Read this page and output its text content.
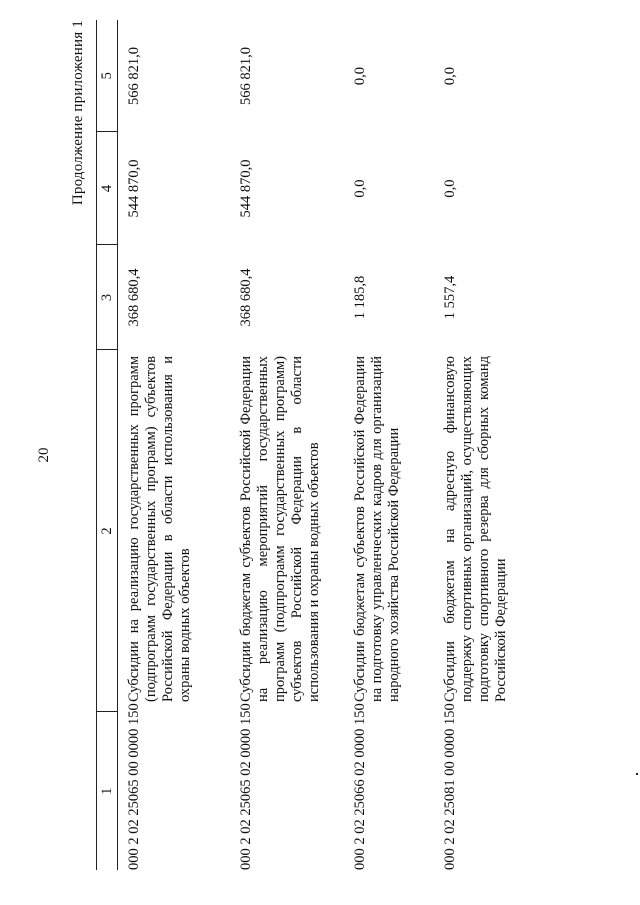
20
Продолжение приложения 1
1	2	3	4	5
000 2 02 25065 00 0000 150	Субсидии на реализацию государственных программ (подпрограмм государственных программ) субъектов Российской Федерации в области использования и охраны водных объектов	368 680,4	544 870,0	566 821,0
000 2 02 25065 02 0000 150	Субсидии бюджетам субъектов Российской Федерации на реализацию мероприятий государственных программ (подпрограмм государственных программ) субъектов Российской Федерации в области использования и охраны водных объектов	368 680,4	544 870,0	566 821,0
000 2 02 25066 02 0000 150	Субсидии бюджетам субъектов Российской Федерации на подготовку управленческих кадров для организаций народного хозяйства Российской Федерации	1 185,8	0,0	0,0
000 2 02 25081 00 0000 150	Субсидии бюджетам на адресную финансовую поддержку спортивных организаций, осуществляющих подготовку спортивного резерва для сборных команд Российской Федерации	1 557,4	0,0	0,0
